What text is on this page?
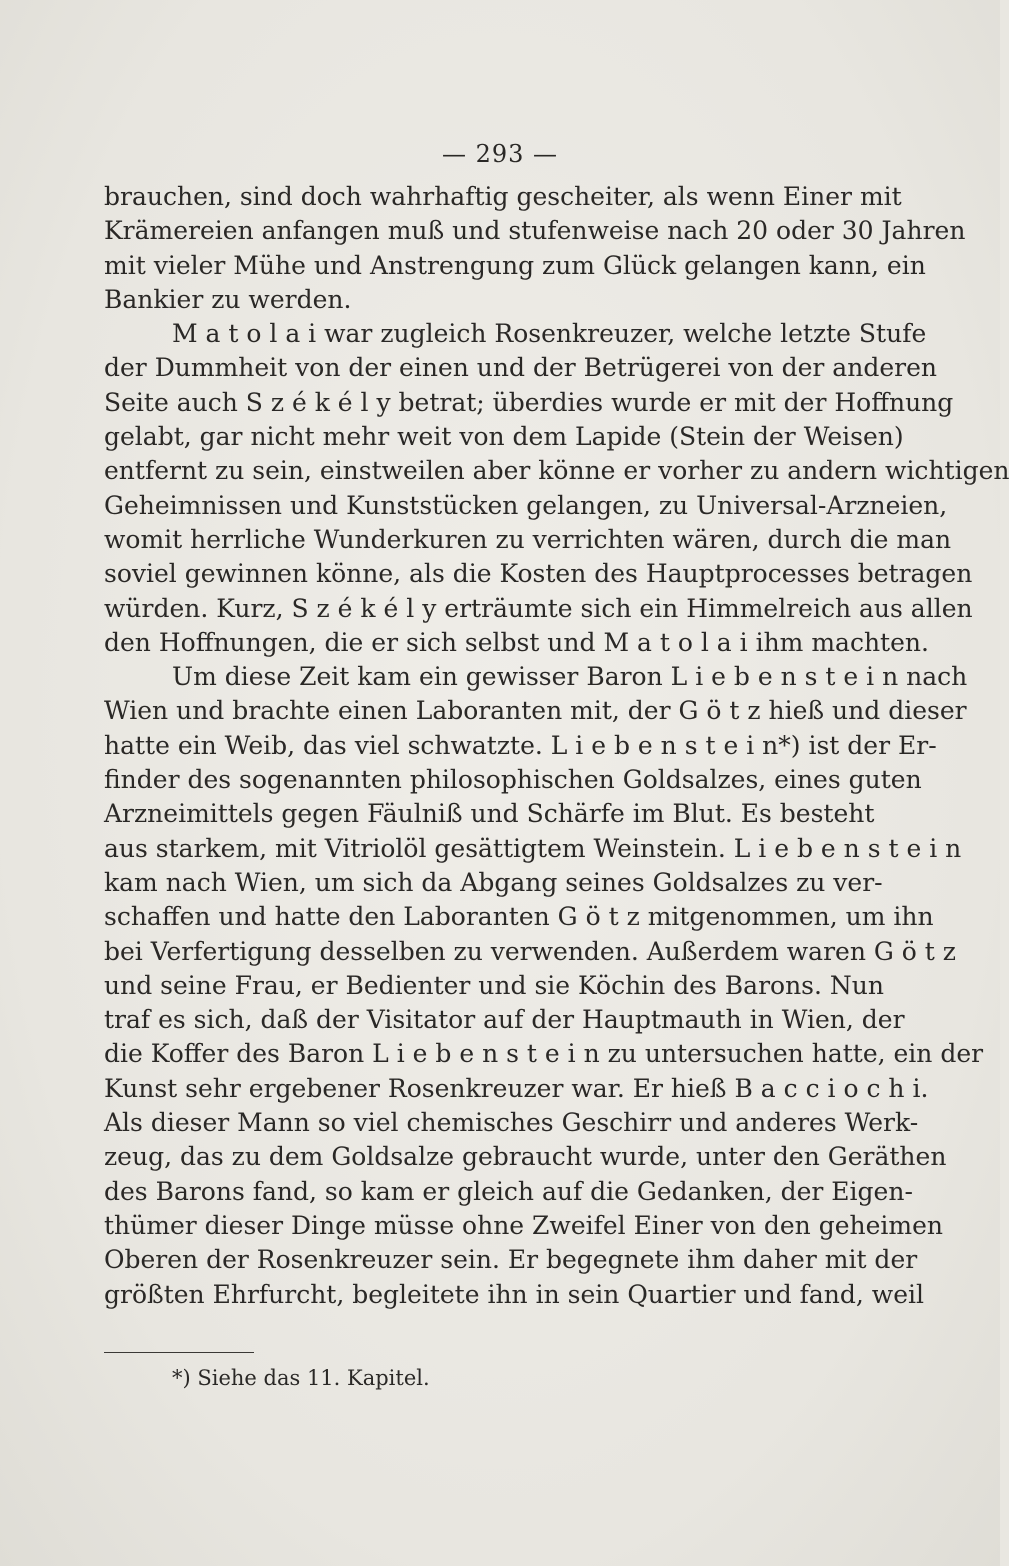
— 293 —
brauchen, sind doch wahrhaftig gescheiter, als wenn Einer mit
Krämereien anfangen muß und stufenweise nach 20 oder 30 Jahren
mit vieler Mühe und Anstrengung zum Glück gelangen kann, ein
Bankier zu werden.
M a t o l a i war zugleich Rosenkreuzer, welche letzte Stufe
der Dummheit von der einen und der Betrügerei von der anderen
Seite auch S z é k é l y betrat; überdies wurde er mit der Hoffnung
gelabt, gar nicht mehr weit von dem Lapide (Stein der Weisen)
entfernt zu sein, einstweilen aber könne er vorher zu andern wichtigen
Geheimnissen und Kunststücken gelangen, zu Universal-Arzneien,
womit herrliche Wunderkuren zu verrichten wären, durch die man
soviel gewinnen könne, als die Kosten des Hauptprocesses betragen
würden. Kurz, S z é k é l y erträumte sich ein Himmelreich aus allen
den Hoffnungen, die er sich selbst und M a t o l a i ihm machten.
Um diese Zeit kam ein gewisser Baron L i e b e n s t e i n nach
Wien und brachte einen Laboranten mit, der G ö t z hieß und dieser
hatte ein Weib, das viel schwatzte. L i e b e n s t e i n*) ist der Er-
finder des sogenannten philosophischen Goldsalzes, eines guten
Arzneimittels gegen Fäulniß und Schärfe im Blut. Es besteht
aus starkem, mit Vitriolöl gesättigtem Weinstein. L i e b e n s t e i n
kam nach Wien, um sich da Abgang seines Goldsalzes zu ver-
schaffen und hatte den Laboranten G ö t z mitgenommen, um ihn
bei Verfertigung desselben zu verwenden. Außerdem waren G ö t z
und seine Frau, er Bedienter und sie Köchin des Barons. Nun
traf es sich, daß der Visitator auf der Hauptmauth in Wien, der
die Koffer des Baron L i e b e n s t e i n zu untersuchen hatte, ein der
Kunst sehr ergebener Rosenkreuzer war. Er hieß B a c c i o c h i.
Als dieser Mann so viel chemisches Geschirr und anderes Werk-
zeug, das zu dem Goldsalze gebraucht wurde, unter den Geräthen
des Barons fand, so kam er gleich auf die Gedanken, der Eigen-
thümer dieser Dinge müsse ohne Zweifel Einer von den geheimen
Oberen der Rosenkreuzer sein. Er begegnete ihm daher mit der
größten Ehrfurcht, begleitete ihn in sein Quartier und fand, weil
*) Siehe das 11. Kapitel.
